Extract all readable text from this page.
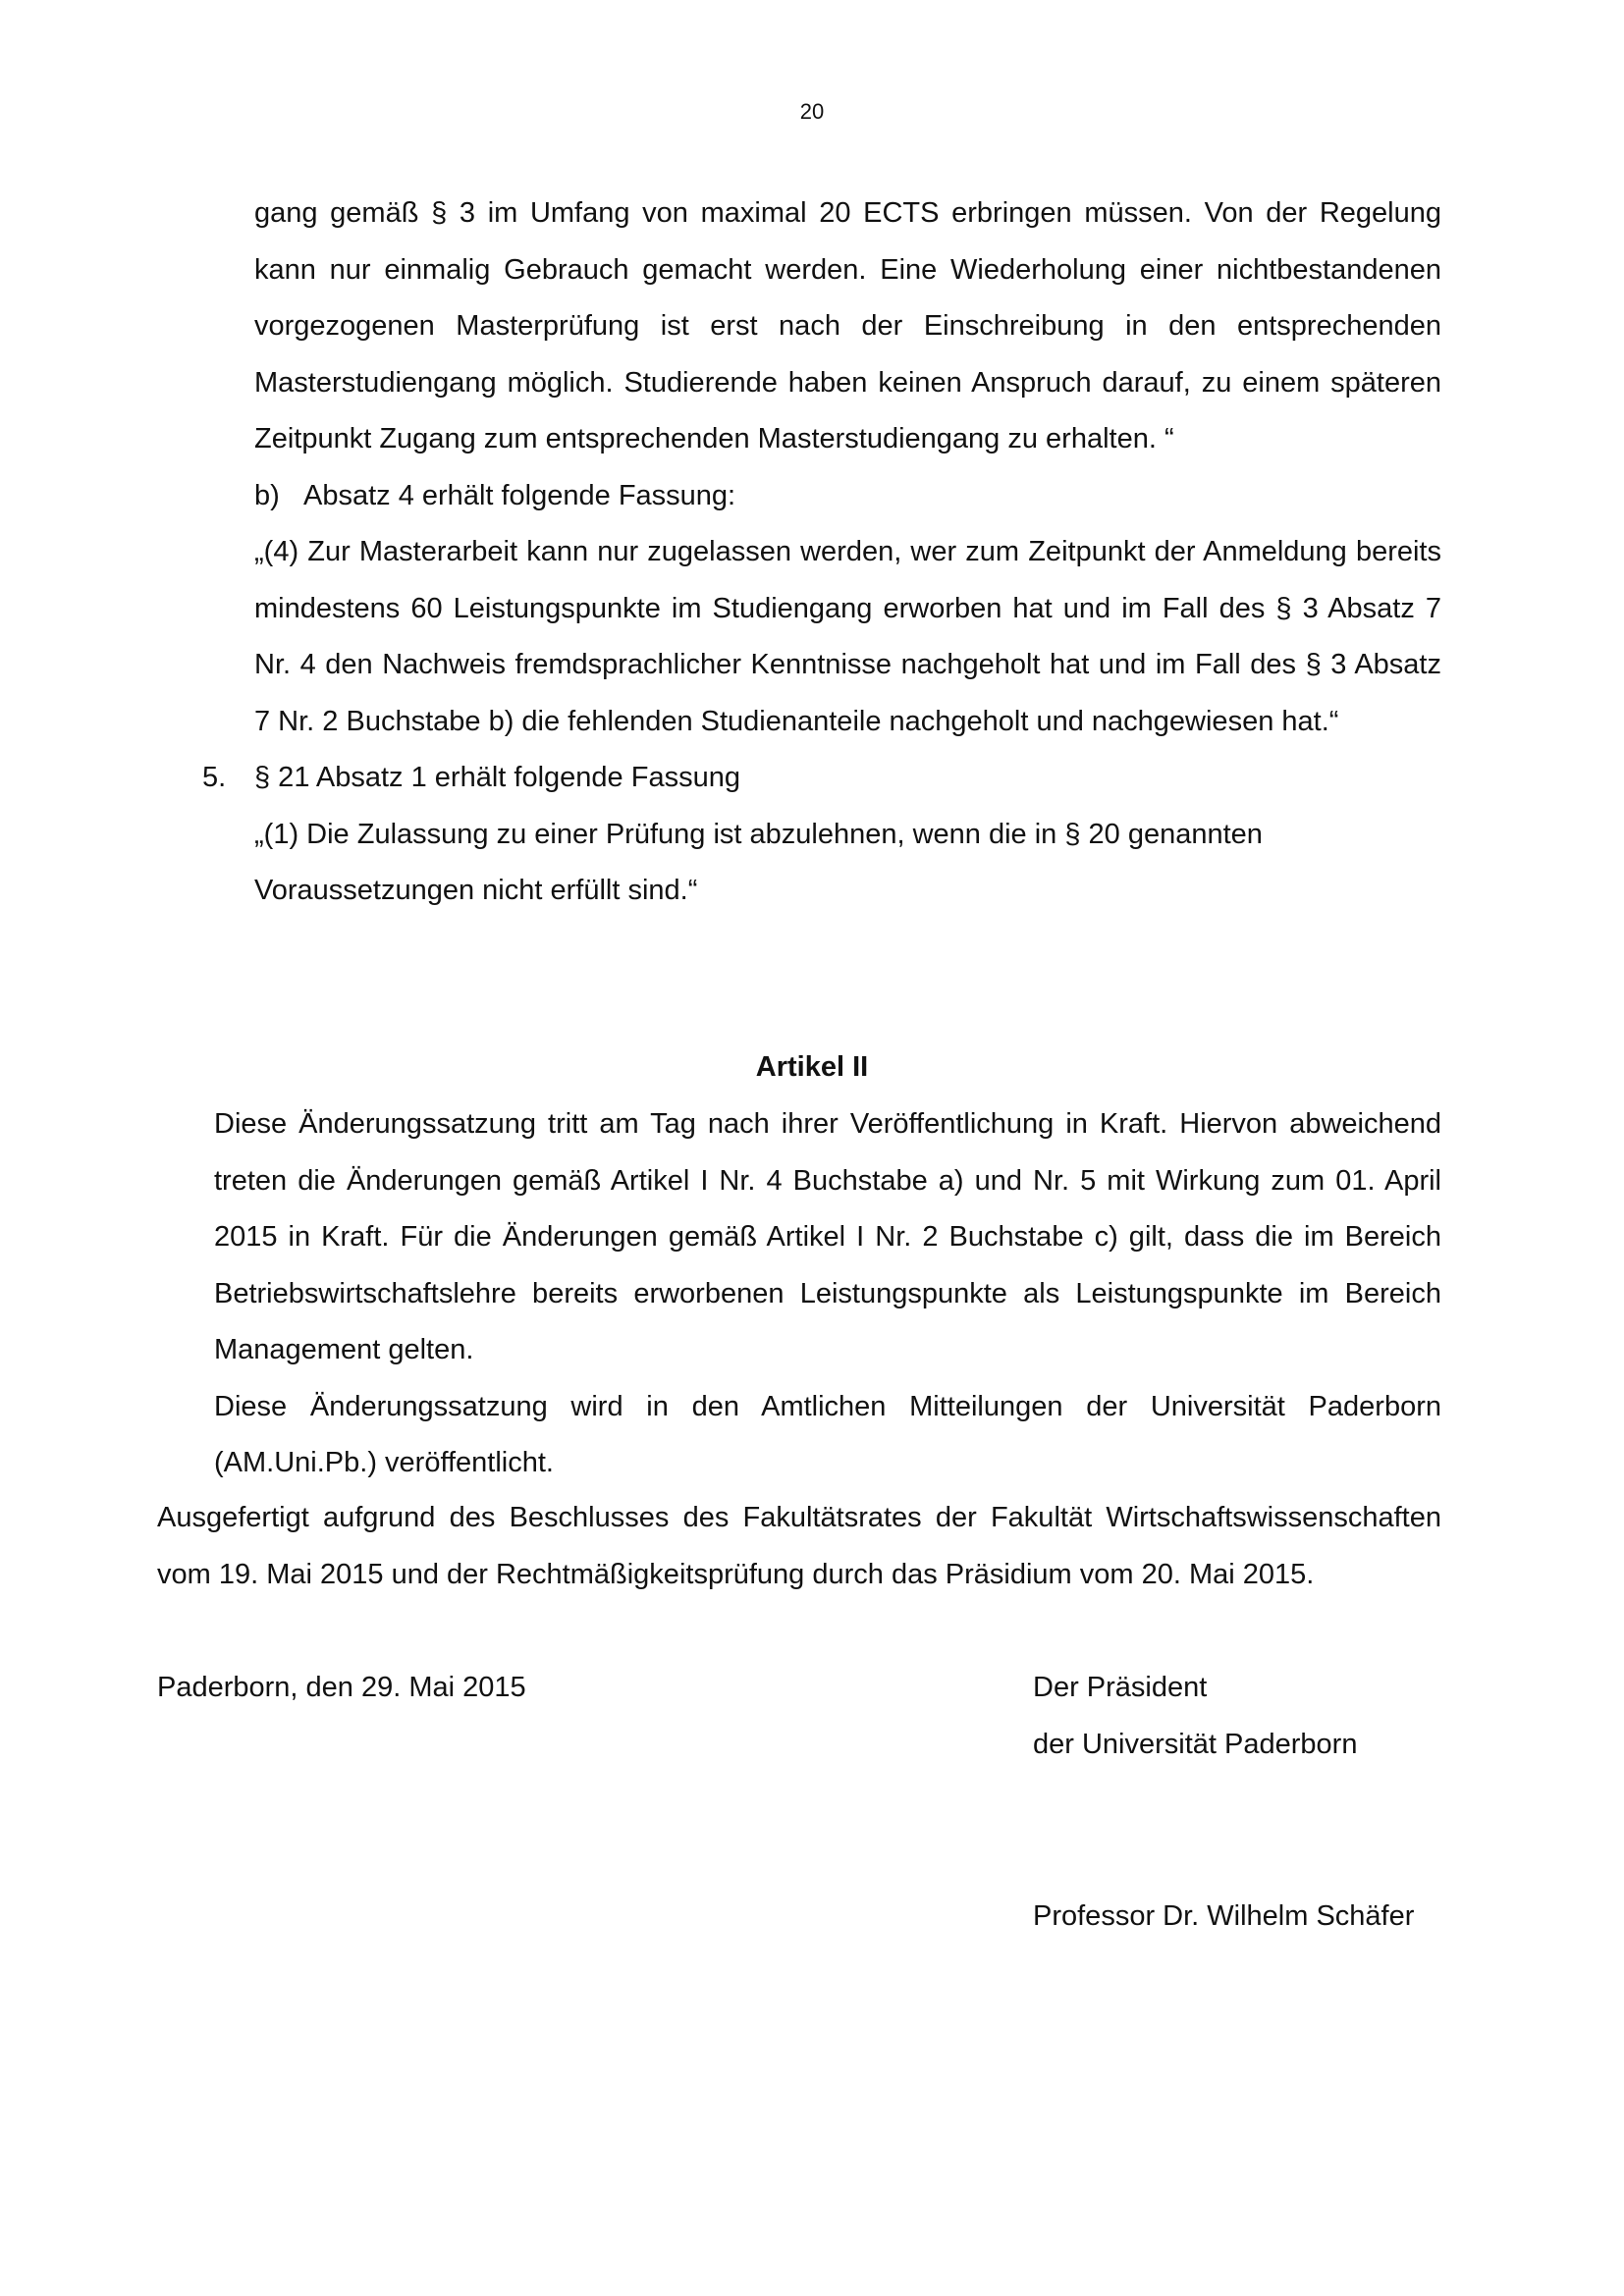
20

gang gemäß § 3 im Umfang von maximal 20 ECTS erbringen müssen. Von der Regelung kann nur einmalig Gebrauch gemacht werden. Eine Wiederholung einer nichtbestandenen vorgezogenen Masterprüfung ist erst nach der Einschreibung in den entsprechenden Masterstudiengang möglich. Studierende haben keinen Anspruch darauf, zu einem späteren Zeitpunkt Zugang zum entsprechenden Masterstudiengang zu erhalten. “

b) Absatz 4 erhält folgende Fassung:

„(4) Zur Masterarbeit kann nur zugelassen werden, wer zum Zeitpunkt der Anmeldung bereits mindestens 60 Leistungspunkte im Studiengang erworben hat und im Fall des § 3 Absatz 7 Nr. 4 den Nachweis fremdsprachlicher Kenntnisse nachgeholt hat und im Fall des § 3 Absatz 7 Nr. 2 Buchstabe b) die fehlenden Studienanteile nachgeholt und nachgewiesen hat.“

5. § 21 Absatz 1 erhält folgende Fassung
„(1) Die Zulassung zu einer Prüfung ist abzulehnen, wenn die in § 20 genannten Voraussetzungen nicht erfüllt sind.“
Artikel II

Diese Änderungssatzung tritt am Tag nach ihrer Veröffentlichung in Kraft. Hiervon abweichend treten die Änderungen gemäß Artikel I Nr. 4 Buchstabe a) und Nr. 5 mit Wirkung zum 01. April 2015 in Kraft. Für die Änderungen gemäß Artikel I Nr. 2 Buchstabe c) gilt, dass die im Bereich Betriebswirtschaftslehre bereits erworbenen Leistungspunkte als Leistungspunkte im Bereich Management gelten.

Diese Änderungssatzung wird in den Amtlichen Mitteilungen der Universität Paderborn (AM.Uni.Pb.) veröffentlicht.

Ausgefertigt aufgrund des Beschlusses des Fakultätsrates der Fakultät Wirtschaftswissenschaften vom 19. Mai 2015 und der Rechtmäßigkeitsprüfung durch das Präsidium vom 20. Mai 2015.

Paderborn, den 29. Mai 2015	Der Präsident
der Universität Paderborn
Professor Dr. Wilhelm Schäfer
